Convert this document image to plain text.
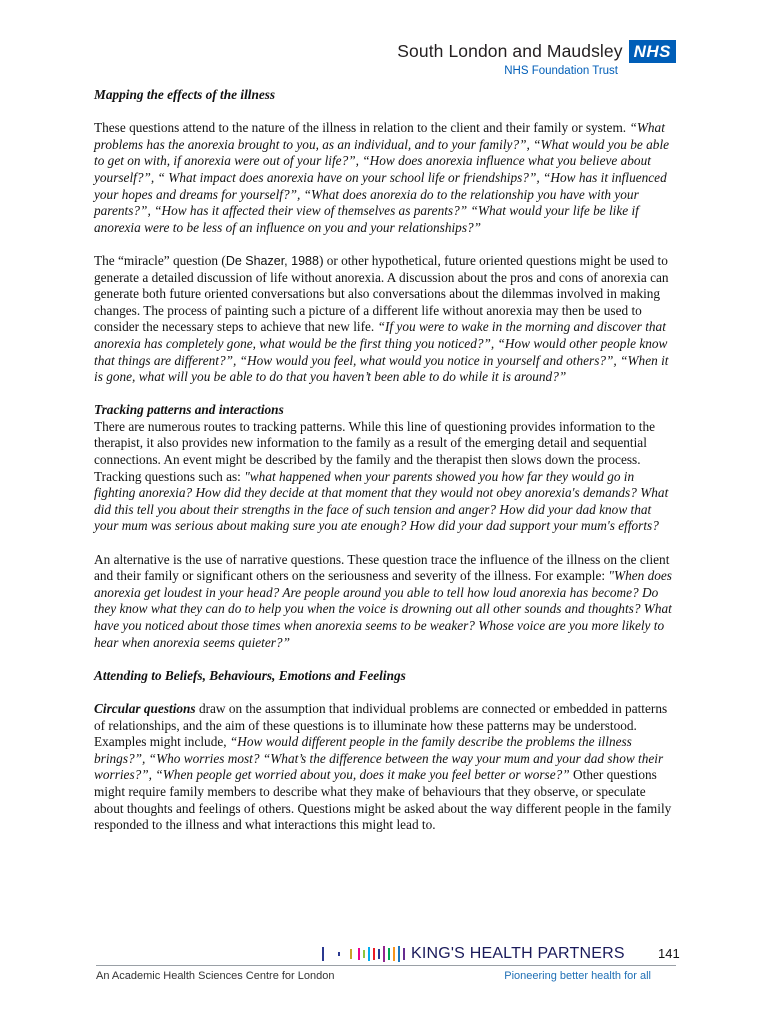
South London and Maudsley NHS
NHS Foundation Trust

Mapping the effects of the illness

These questions attend to the nature of the illness in relation to the client and their family or system. “What problems has the anorexia brought to you, as an individual, and to your family?”, “What would you be able to get on with, if anorexia were out of your life?”, “How does anorexia influence what you believe about yourself?”, “ What impact does anorexia have on your school life or friendships?”, “How has it influenced your hopes and dreams for yourself?”, “What does anorexia do to the relationship you have with your parents?”, “How has it affected their view of themselves as parents?” “What would your life be like if anorexia were to be less of an influence on you and your relationships?”

The “miracle” question (De Shazer, 1988) or other hypothetical, future oriented questions might be used to generate a detailed discussion of life without anorexia. A discussion about the pros and cons of anorexia can generate both future oriented conversations but also conversations about the dilemmas involved in making changes. The process of painting such a picture of a different life without anorexia may then be used to consider the necessary steps to achieve that new life. “If you were to wake in the morning and discover that anorexia has completely gone, what would be the first thing you noticed?”, “How would other people know that things are different?”, “How would you feel, what would you notice in yourself and others?”, “When it is gone, what will you be able to do that you haven’t been able to do while it is around?”

Tracking patterns and interactions

There are numerous routes to tracking patterns. While this line of questioning provides information to the therapist, it also provides new information to the family as a result of the emerging detail and sequential connections. An event might be described by the family and the therapist then slows down the process. Tracking questions such as: "what happened when your parents showed you how far they would go in fighting anorexia? How did they decide at that moment that they would not obey anorexia's demands? What did this tell you about their strengths in the face of such tension and anger? How did your dad know that your mum was serious about making sure you ate enough? How did your dad support your mum's efforts?

An alternative is the use of narrative questions. These question trace the influence of the illness on the client and their family or significant others on the seriousness and severity of the illness. For example: "When does anorexia get loudest in your head? Are people around you able to tell how loud anorexia has become? Do they know what they can do to help you when the voice is drowning out all other sounds and thoughts? What have you noticed about those times when anorexia seems to be weaker? Whose voice are you more likely to hear when anorexia seems quieter?”

Attending to Beliefs, Behaviours, Emotions and Feelings

Circular questions draw on the assumption that individual problems are connected or embedded in patterns of relationships, and the aim of these questions is to illuminate how these patterns may be understood. Examples might include, “How would different people in the family describe the problems the illness brings?”, “Who worries most? “What’s the difference between the way your mum and your dad show their worries?”, “When people get worried about you, does it make you feel better or worse?” Other questions might require family members to describe what they make of behaviours that they observe, or speculate about thoughts and feelings of others. Questions might be asked about the way different people in the family responded to the illness and what interactions this might lead to.

KING'S HEALTH PARTNERS	141
An Academic Health Sciences Centre for London	Pioneering better health for all
